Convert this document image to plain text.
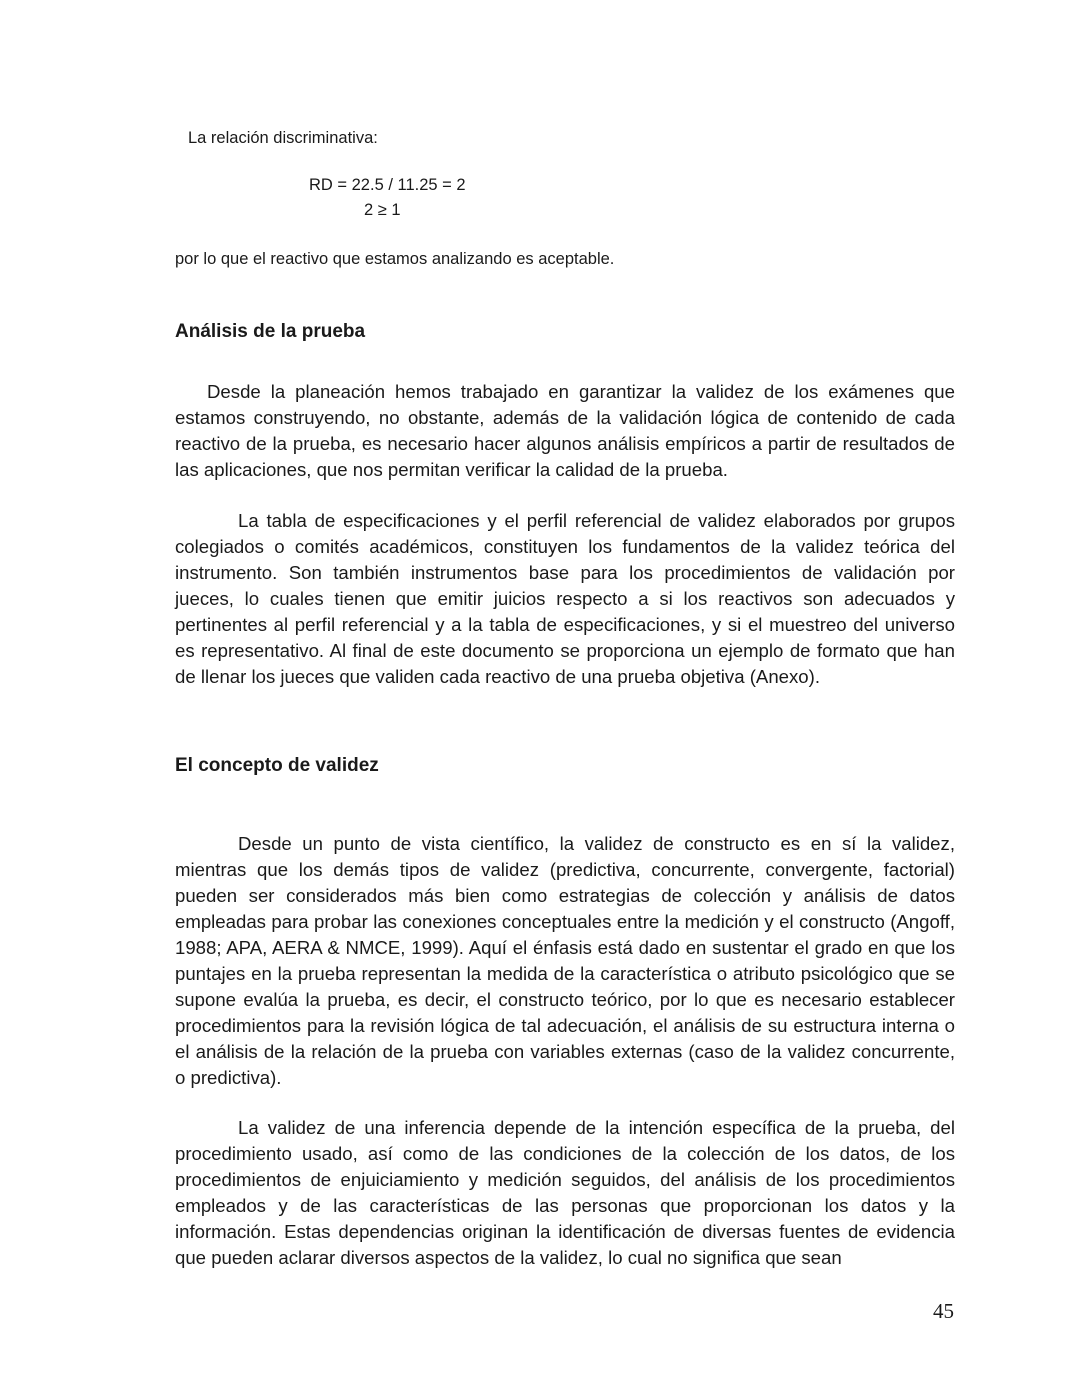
La relación discriminativa:
RD = 22.5 / 11.25 = 2
2 ≥ 1
por lo que el reactivo que estamos analizando es aceptable.
Análisis de la prueba

Desde la planeación hemos trabajado en garantizar la validez de los exámenes que estamos construyendo, no obstante, además de la validación lógica de contenido de cada reactivo de la prueba, es necesario hacer algunos análisis empíricos a partir de resultados de las aplicaciones, que nos permitan verificar la calidad de la prueba.

La tabla de especificaciones y el perfil referencial de validez elaborados por grupos colegiados o comités académicos, constituyen los fundamentos de la validez teórica del instrumento. Son también instrumentos base para los procedimientos de validación por jueces, lo cuales tienen que emitir juicios respecto a si los reactivos son adecuados y pertinentes al perfil referencial y a la tabla de especificaciones, y si el muestreo del universo es representativo. Al final de este documento se proporciona un ejemplo de formato que han de llenar los jueces que validen cada reactivo de una prueba objetiva (Anexo).

El concepto de validez

Desde un punto de vista científico, la validez de constructo es en sí la validez, mientras que los demás tipos de validez (predictiva, concurrente, convergente, factorial) pueden ser considerados más bien como estrategias de colección y análisis de datos empleadas para probar las conexiones conceptuales entre la medición y el constructo (Angoff, 1988; APA, AERA & NMCE, 1999). Aquí el énfasis está dado en sustentar el grado en que los puntajes en la prueba representan la medida de la característica o atributo psicológico que se supone evalúa la prueba, es decir, el constructo teórico, por lo que es necesario establecer procedimientos para la revisión lógica de tal adecuación, el análisis de su estructura interna o el análisis de la relación de la prueba con variables externas (caso de la validez concurrente, o predictiva).

La validez de una inferencia depende de la intención específica de la prueba, del procedimiento usado, así como de las condiciones de la colección de los datos, de los procedimientos de enjuiciamiento y medición seguidos, del análisis de los procedimientos empleados y de las características de las personas que proporcionan los datos y la información. Estas dependencias originan la identificación de diversas fuentes de evidencia que pueden aclarar diversos aspectos de la validez, lo cual no significa que sean

45
